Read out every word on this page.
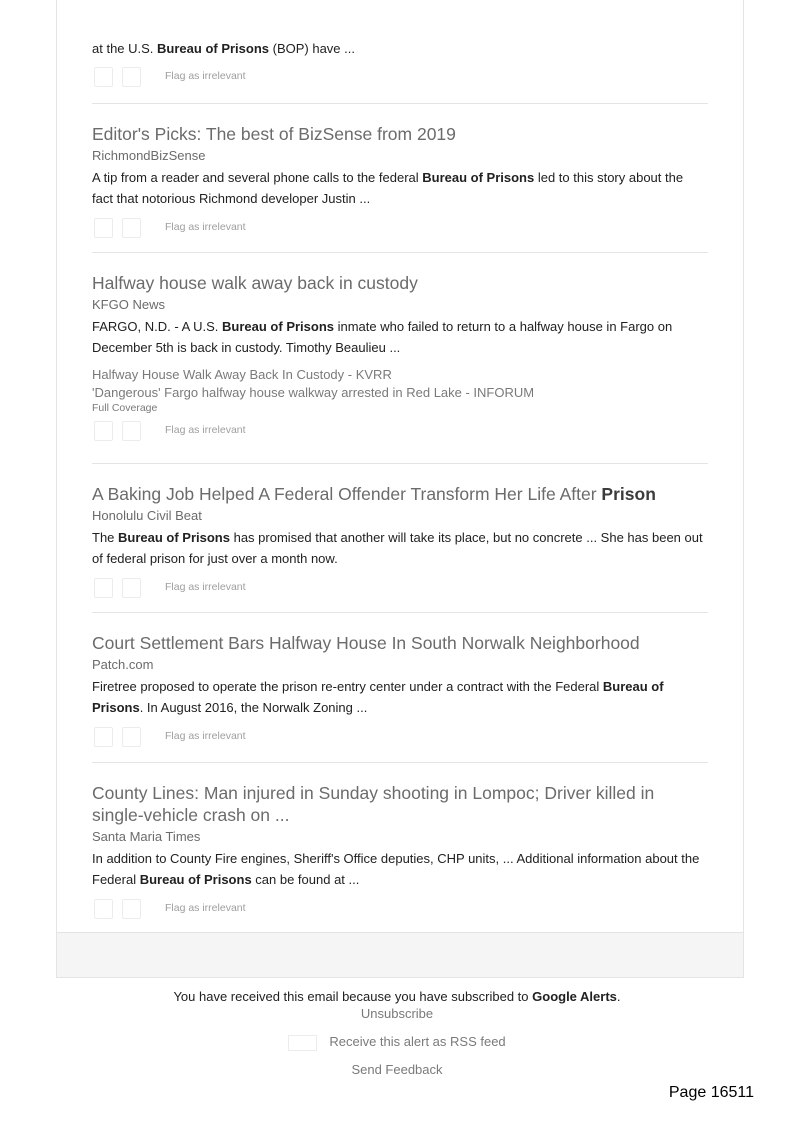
at the U.S. Bureau of Prisons (BOP) have ...
Flag as irrelevant
Editor's Picks: The best of BizSense from 2019
RichmondBizSense
A tip from a reader and several phone calls to the federal Bureau of Prisons led to this story about the fact that notorious Richmond developer Justin ...
Flag as irrelevant
Halfway house walk away back in custody
KFGO News
FARGO, N.D. - A U.S. Bureau of Prisons inmate who failed to return to a halfway house in Fargo on December 5th is back in custody. Timothy Beaulieu ...
Halfway House Walk Away Back In Custody - KVRR
'Dangerous' Fargo halfway house walkway arrested in Red Lake - INFORUM
Full Coverage
Flag as irrelevant
A Baking Job Helped A Federal Offender Transform Her Life After Prison
Honolulu Civil Beat
The Bureau of Prisons has promised that another will take its place, but no concrete ... She has been out of federal prison for just over a month now.
Flag as irrelevant
Court Settlement Bars Halfway House In South Norwalk Neighborhood
Patch.com
Firetree proposed to operate the prison re-entry center under a contract with the Federal Bureau of Prisons. In August 2016, the Norwalk Zoning ...
Flag as irrelevant
County Lines: Man injured in Sunday shooting in Lompoc; Driver killed in single-vehicle crash on ...
Santa Maria Times
In addition to County Fire engines, Sheriff's Office deputies, CHP units, ... Additional information about the Federal Bureau of Prisons can be found at ...
Flag as irrelevant
You have received this email because you have subscribed to Google Alerts.
Unsubscribe
Receive this alert as RSS feed
Send Feedback
Page 16511
